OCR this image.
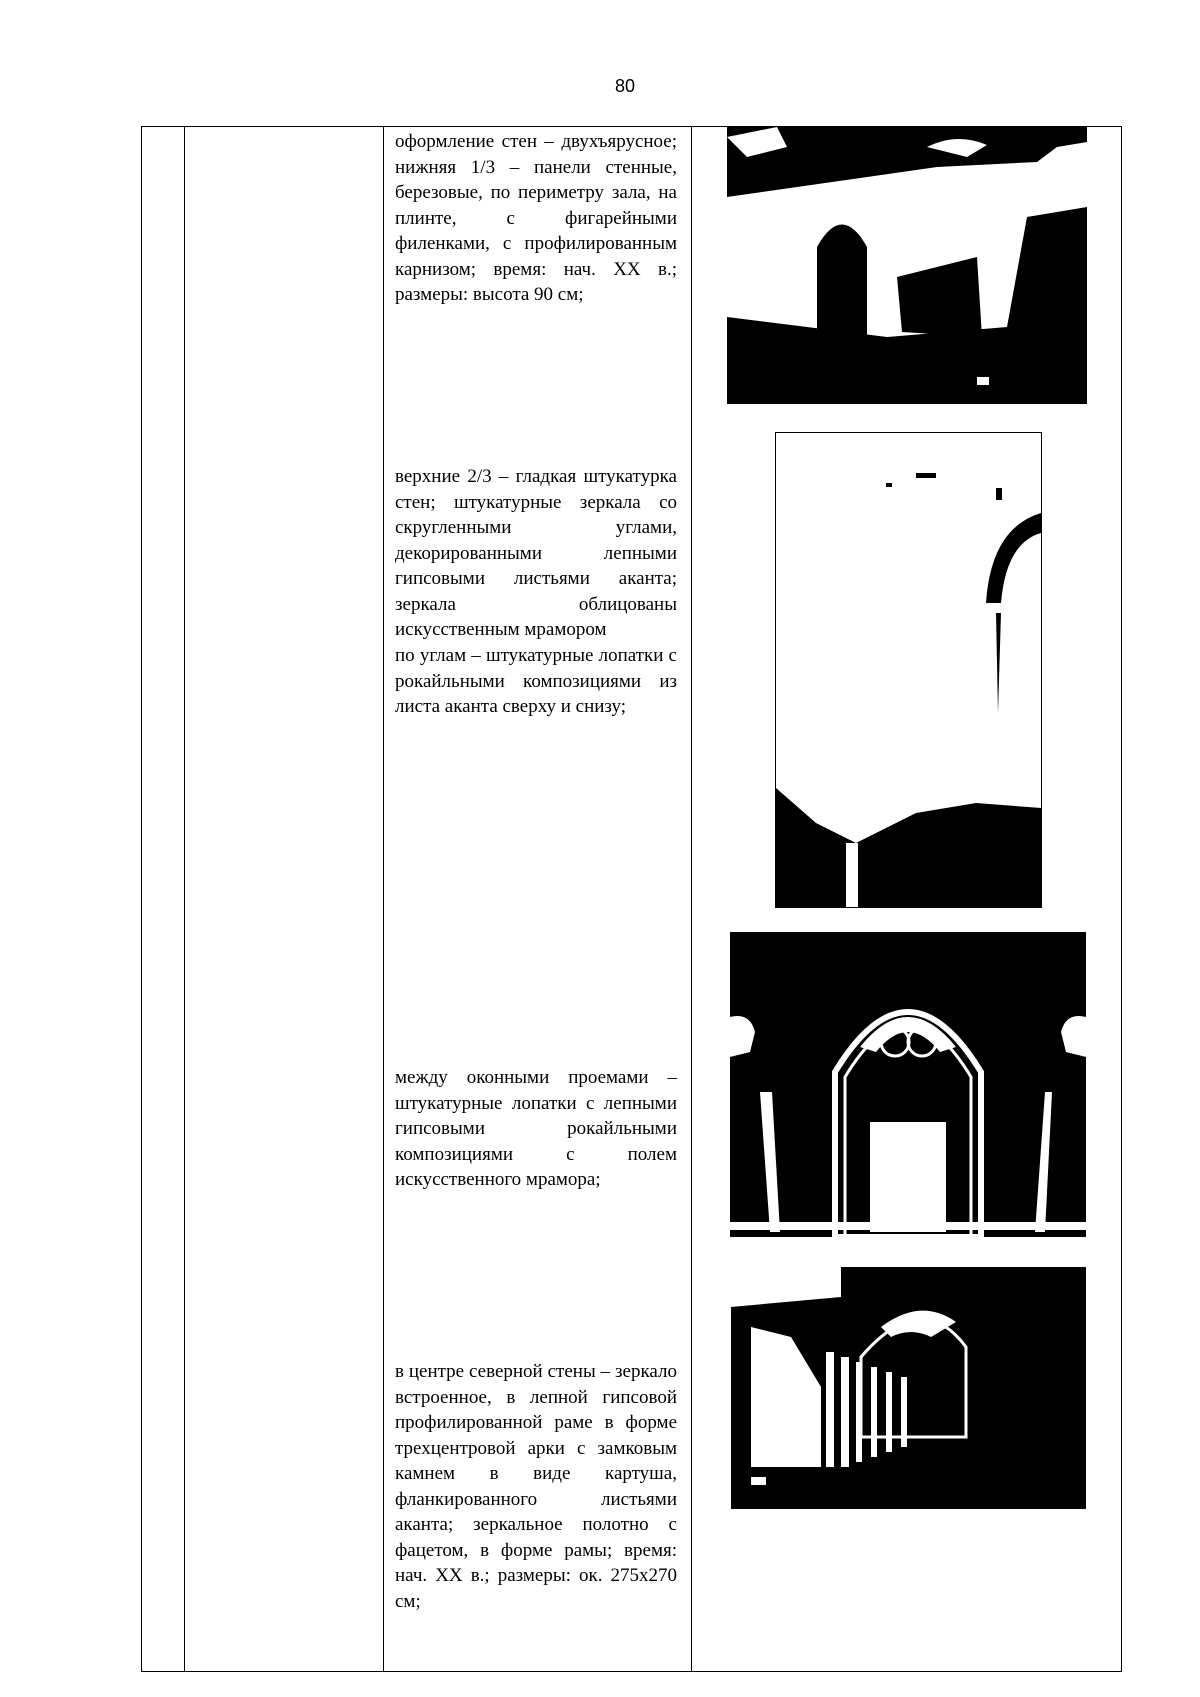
80

оформление стен – двухъярусное; нижняя 1/3 – панели стенные, березовые, по периметру зала, на плинте, с фигарейными филенками, с профилированным карнизом; время: нач. XX в.; размеры: высота 90 см;
верхние 2/3 – гладкая штукатурка стен; штукатурные зеркала со скругленными углами, декорированными лепными гипсовыми листьями аканта; зеркала облицованы искусственным мрамором
по углам – штукатурные лопатки с рокайльными композициями из листа аканта сверху и снизу;
между оконными проемами – штукатурные лопатки с лепными гипсовыми рокайльными композициями с полем искусственного мрамора;
в центре северной стены – зеркало встроенное, в лепной гипсовой профилированной раме в форме трехцентровой арки с замковым камнем в виде картуша, фланкированного листьями аканта; зеркальное полотно с фацетом, в форме рамы; время: нач. XX в.; размеры: ок. 275х270 см;
